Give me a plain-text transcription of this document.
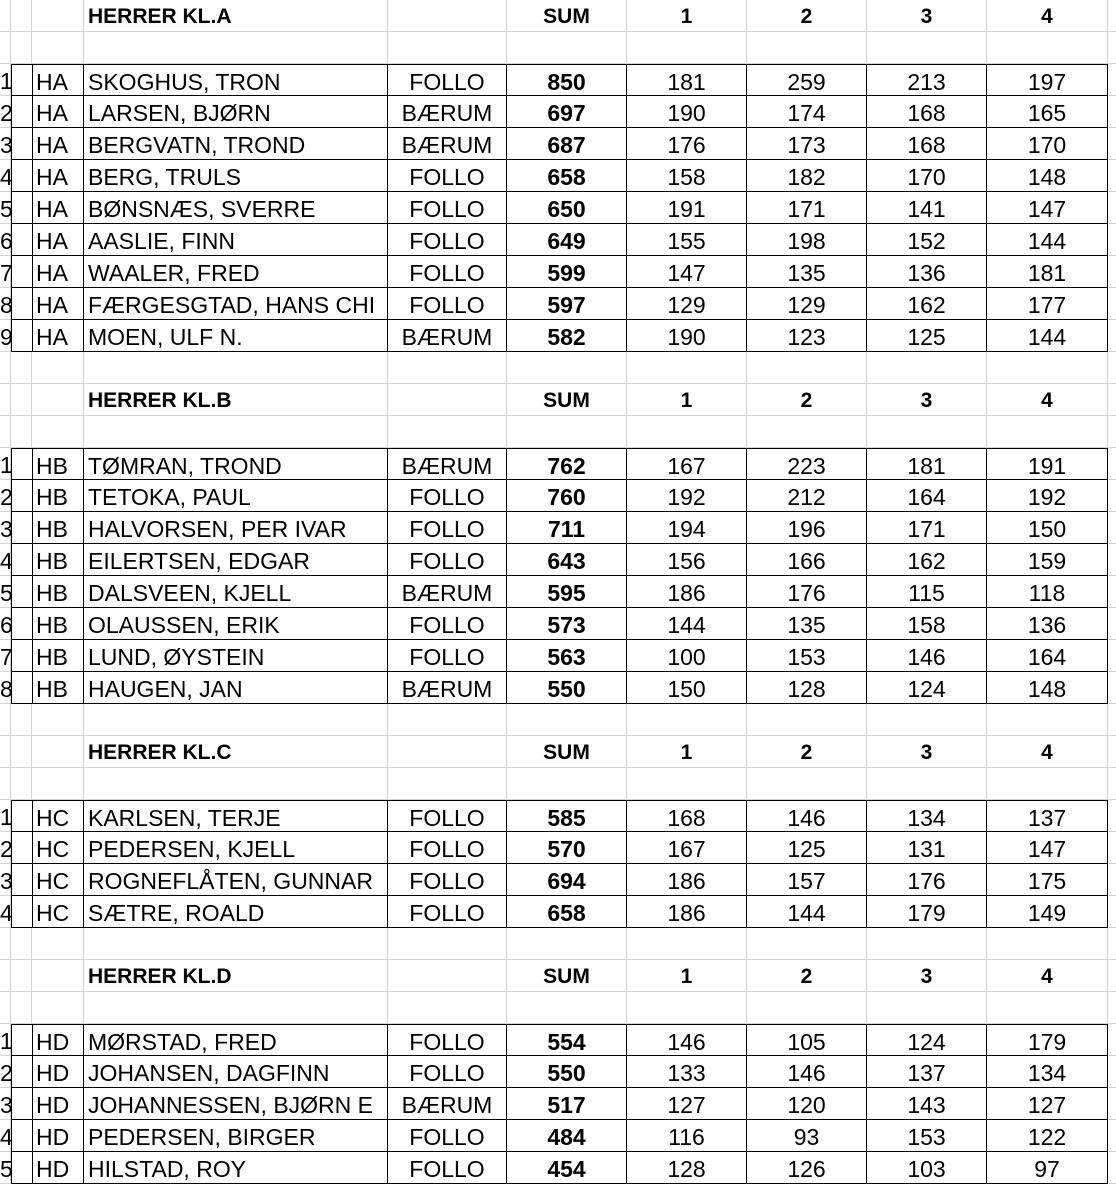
HERRER KL.A	SUM	1	2	3	4
1 HA SKOGHUS, TRON	FOLLO	850	181	259	213	197
2 HA LARSEN, BJØRN	BÆRUM	697	190	174	168	165
3 HA BERGVATN, TROND	BÆRUM	687	176	173	168	170
4 HA BERG, TRULS	FOLLO	658	158	182	170	148
5 HA BØNSNÆS, SVERRE	FOLLO	650	191	171	141	147
6 HA AASLIE, FINN	FOLLO	649	155	198	152	144
7 HA WAALER, FRED	FOLLO	599	147	135	136	181
8 HA FÆRGESGTAD, HANS CHI	FOLLO	597	129	129	162	177
9 HA MOEN, ULF N.	BÆRUM	582	190	123	125	144
HERRER KL.B	SUM	1	2	3	4
1 HB TØMRAN, TROND	BÆRUM	762	167	223	181	191
2 HB TETOKA, PAUL	FOLLO	760	192	212	164	192
3 HB HALVORSEN, PER IVAR	FOLLO	711	194	196	171	150
4 HB EILERTSEN, EDGAR	FOLLO	643	156	166	162	159
5 HB DALSVEEN, KJELL	BÆRUM	595	186	176	115	118
6 HB OLAUSSEN, ERIK	FOLLO	573	144	135	158	136
7 HB LUND, ØYSTEIN	FOLLO	563	100	153	146	164
8 HB HAUGEN, JAN	BÆRUM	550	150	128	124	148
HERRER KL.C	SUM	1	2	3	4
1 HC KARLSEN, TERJE	FOLLO	585	168	146	134	137
2 HC PEDERSEN, KJELL	FOLLO	570	167	125	131	147
3 HC ROGNEFLÅTEN, GUNNAR	FOLLO	694	186	157	176	175
4 HC SÆTRE, ROALD	FOLLO	658	186	144	179	149
HERRER KL.D	SUM	1	2	3	4
1 HD MØRSTAD, FRED	FOLLO	554	146	105	124	179
2 HD JOHANSEN, DAGFINN	FOLLO	550	133	146	137	134
3 HD JOHANNESSEN, BJØRN E	BÆRUM	517	127	120	143	127
4 HD PEDERSEN, BIRGER	FOLLO	484	116	93	153	122
5 HD HILSTAD, ROY	FOLLO	454	128	126	103	97
